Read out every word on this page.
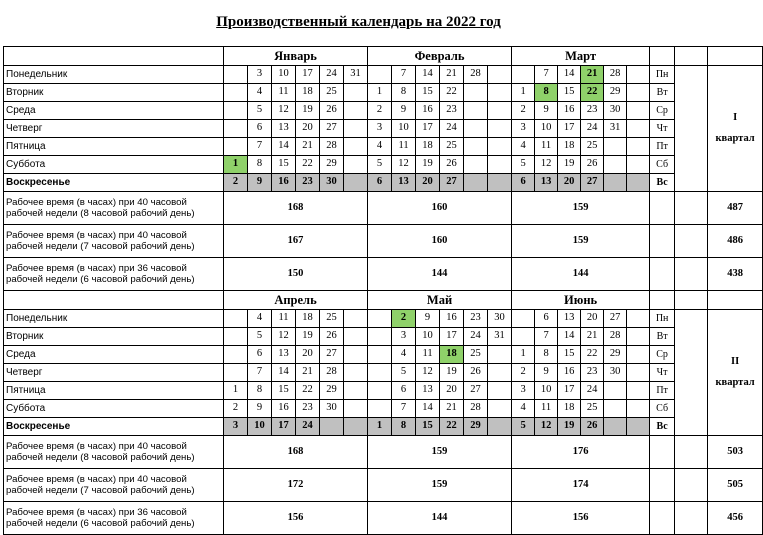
Производственный календарь на 2022 год
	Январь						Февраль						Март								
Понедельник		3	10	17	24	31		7	14	21	28			7	14	21	28		Пн		I
квартал

Вторник		4	11	18	25		1	8	15	22			1	8	15	22	29		Вт		
Среда		5	12	19	26		2	9	16	23			2	9	16	23	30		Ср		
Четверг		6	13	20	27		3	10	17	24			3	10	17	24	31		Чт		
Пятница		7	14	21	28		4	11	18	25			4	11	18	25			Пт		
Суббота	1	8	15	22	29		5	12	19	26			5	12	19	26			Сб		
Воскресенье	2	9	16	23	30		6	13	20	27			6	13	20	27			Вс		
Рабочее время (в часах) при 40 часовой рабочей недели (8 часовой рабочий день)	168						160						159								487
Рабочее время (в часах) при 40 часовой рабочей недели (7 часовой рабочий день)	167						160						159								486
Рабочее время (в часах) при 36 часовой рабочей недели (6 часовой рабочий день)	150						144						144								438
	Апрель						Май						Июнь								
Понедельник		4	11	18	25			2	9	16	23	30		6	13	20	27		Пн		II
квартал

Вторник		5	12	19	26			3	10	17	24	31		7	14	21	28		Вт		
Среда		6	13	20	27			4	11	18	25		1	8	15	22	29		Ср		
Четверг		7	14	21	28			5	12	19	26		2	9	16	23	30		Чт		
Пятница	1	8	15	22	29			6	13	20	27		3	10	17	24			Пт		
Суббота	2	9	16	23	30			7	14	21	28		4	11	18	25			Сб		
Воскресенье	3	10	17	24			1	8	15	22	29		5	12	19	26			Вс		
Рабочее время (в часах) при 40 часовой рабочей недели (8 часовой рабочий день)	168						159						176								503
Рабочее время (в часах) при 40 часовой рабочей недели (7 часовой рабочий день)	172						159						174								505
Рабочее время (в часах) при 36 часовой рабочей недели (6 часовой рабочий день)	156						144						156								456
